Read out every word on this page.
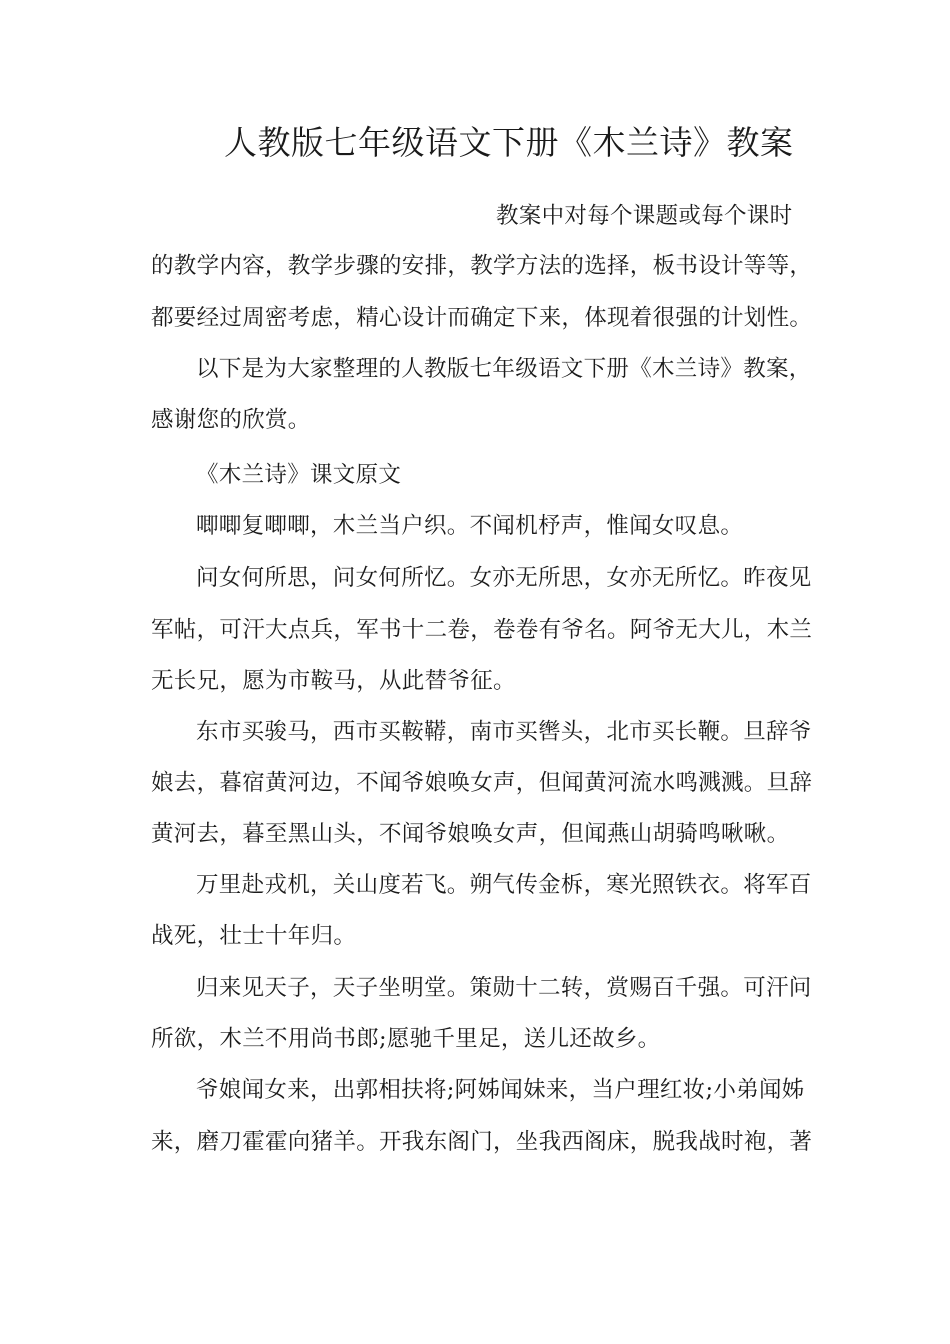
人教版七年级语文下册《木兰诗》教案
教案中对每个课题或每个课时
的教学内容，教学步骤的安排，教学方法的选择，板书设计等等，
都要经过周密考虑，精心设计而确定下来，体现着很强的计划性。
以下是为大家整理的人教版七年级语文下册《木兰诗》教案，
感谢您的欣赏。
《木兰诗》课文原文
唧唧复唧唧，木兰当户织。不闻机杼声，惟闻女叹息。
问女何所思，问女何所忆。女亦无所思，女亦无所忆。昨夜见
军帖，可汗大点兵，军书十二卷，卷卷有爷名。阿爷无大儿，木兰
无长兄，愿为市鞍马，从此替爷征。
东市买骏马，西市买鞍鞯，南市买辔头，北市买长鞭。旦辞爷
娘去，暮宿黄河边，不闻爷娘唤女声，但闻黄河流水鸣溅溅。旦辞
黄河去，暮至黑山头，不闻爷娘唤女声，但闻燕山胡骑鸣啾啾。
万里赴戎机，关山度若飞。朔气传金柝，寒光照铁衣。将军百
战死，壮士十年归。
归来见天子，天子坐明堂。策勋十二转，赏赐百千强。可汗问
所欲，木兰不用尚书郎;愿驰千里足，送儿还故乡。
爷娘闻女来，出郭相扶将;阿姊闻妹来，当户理红妆;小弟闻姊
来，磨刀霍霍向猪羊。开我东阁门，坐我西阁床，脱我战时袍，著
